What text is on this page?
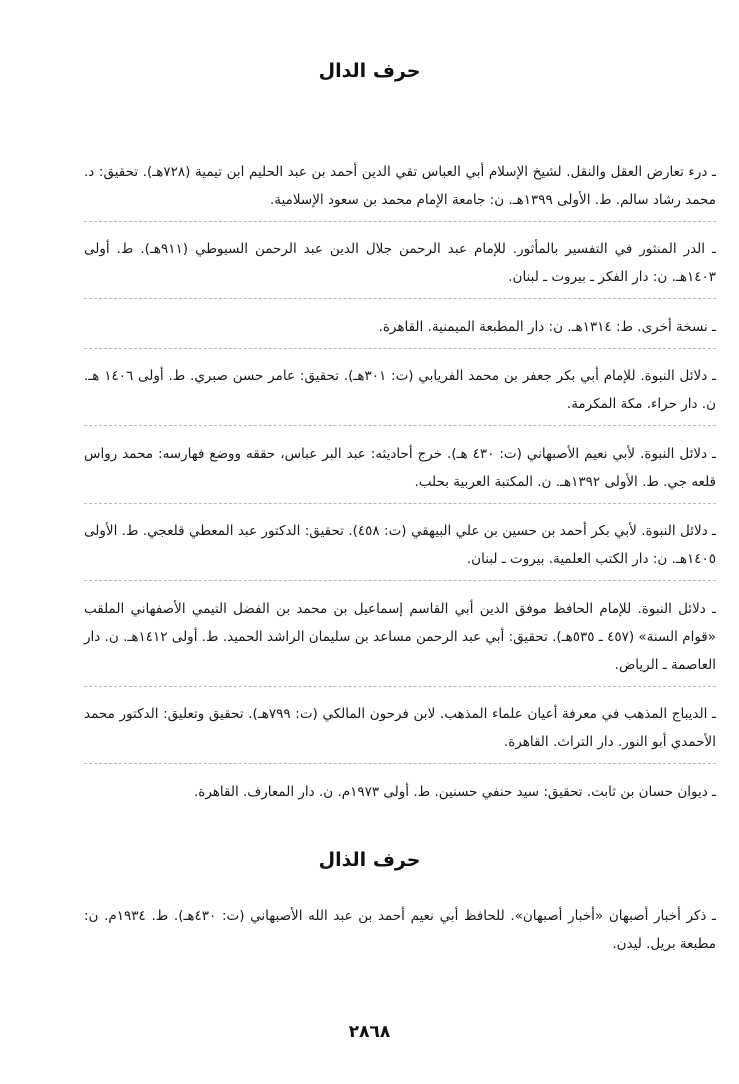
حرف الدال

ـ درء تعارض العقل والنقل. لشيخ الإسلام أبي العباس تقي الدين أحمد بن عبد الحليم ابن تيمية (٧٢٨هـ). تحقيق: د. محمد رشاد سالم. ط. الأولى ١٣٩٩هـ. ن: جامعة الإمام محمد بن سعود الإسلامية.

ـ الدر المنثور في التفسير بالمأثور. للإمام عبد الرحمن جلال الدين عبد الرحمن السيوطي (٩١١هـ). ط. أولى ١٤٠٣هـ. ن: دار الفكر ـ بيروت ـ لبنان.

ـ نسخة أخرى. ط: ١٣١٤هـ. ن: دار المطبعة الميمنية. القاهرة.

ـ دلائل النبوة. للإمام أبي بكر جعفر بن محمد الفريابي (ت: ٣٠١هـ). تحقيق: عامر حسن صبري. ط. أولى ١٤٠٦ هـ. ن. دار حراء. مكة المكرمة.

ـ دلائل النبوة. لأبي نعيم الأصبهاني (ت: ٤٣٠ هـ). خرج أحاديثه: عبد البر عباس، حققه ووضع فهارسه: محمد رواس قلعه جي. ط. الأولى ١٣٩٢هـ. ن. المكتبة العربية بحلب.

ـ دلائل النبوة. لأبي بكر أحمد بن حسين بن علي البيهقي (ت: ٤٥٨). تحقيق: الدكتور عبد المعطي قلعجي. ط. الأولى ١٤٠٥هـ. ن: دار الكتب العلمية. بيروت ـ لبنان.

ـ دلائل النبوة. للإمام الحافظ موفق الدين أبي القاسم إسماعيل بن محمد بن الفضل التيمي الأصفهاني الملقب «قوام السنة» (٤٥٧ ـ ٥٣٥هـ). تحقيق: أبي عبد الرحمن مساعد بن سليمان الراشد الحميد. ط. أولى ١٤١٢هـ. ن. دار العاصمة ـ الرياض.

ـ الديباج المذهب في معرفة أعيان علماء المذهب. لابن فرحون المالكي (ت: ٧٩٩هـ). تحقيق وتعليق: الدكتور محمد الأحمدي أبو النور. دار التراث. القاهرة.

ـ ديوان حسان بن ثابت. تحقيق: سيد حنفي حسنين. ط. أولى ١٩٧٣م. ن. دار المعارف. القاهرة.

حرف الذال

ـ ذكر أخبار أصبهان «أخبار أصبهان». للحافظ أبي نعيم أحمد بن عبد الله الأصبهاني (ت: ٤٣٠هـ). ط. ١٩٣٤م. ن: مطبعة بريل. ليدن.

٢٨٦٨
